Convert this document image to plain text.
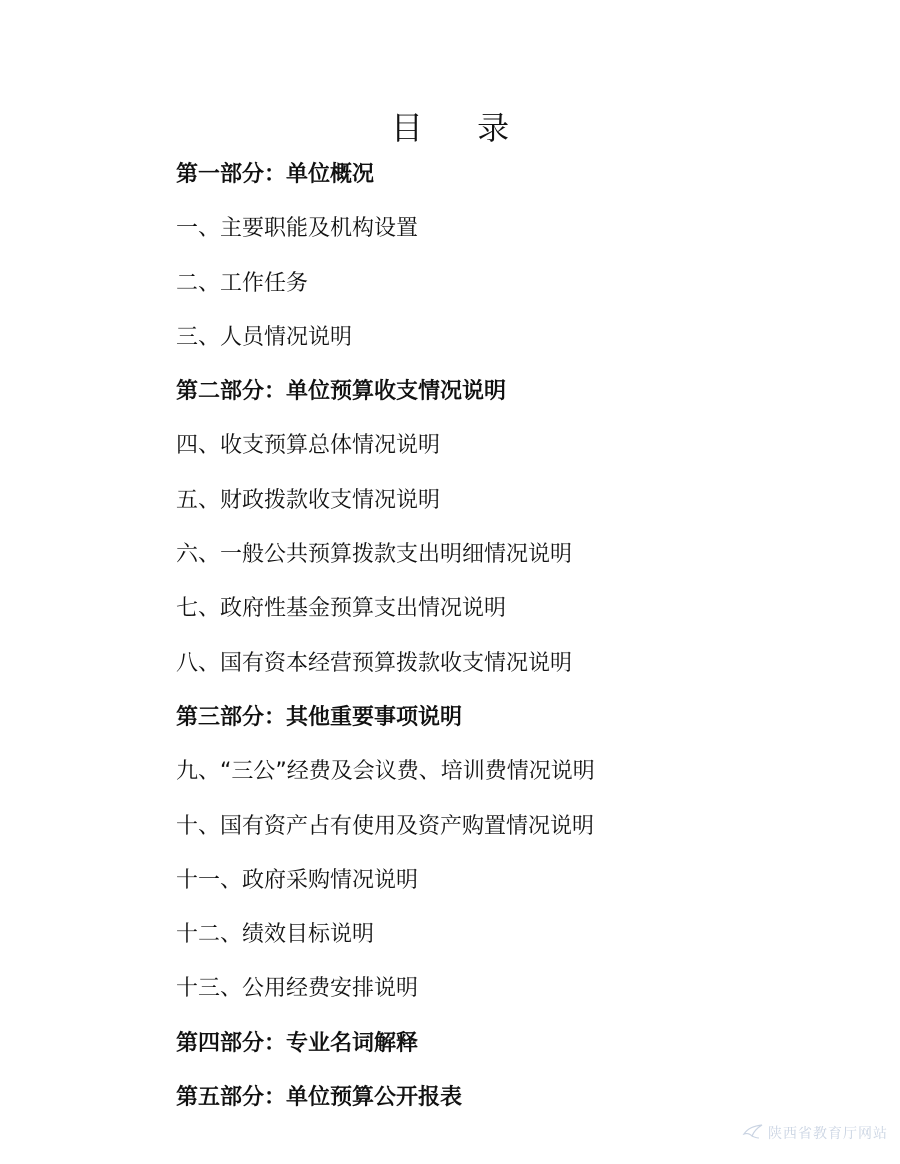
目 录
第一部分：单位概况
一、主要职能及机构设置
二、工作任务
三、人员情况说明
第二部分：单位预算收支情况说明
四、收支预算总体情况说明
五、财政拨款收支情况说明
六、一般公共预算拨款支出明细情况说明
七、政府性基金预算支出情况说明
八、国有资本经营预算拨款收支情况说明
第三部分：其他重要事项说明
九、“三公”经费及会议费、培训费情况说明
十、国有资产占有使用及资产购置情况说明
十一、政府采购情况说明
十二、绩效目标说明
十三、公用经费安排说明
第四部分：专业名词解释
第五部分：单位预算公开报表
陕西省教育厅网站
